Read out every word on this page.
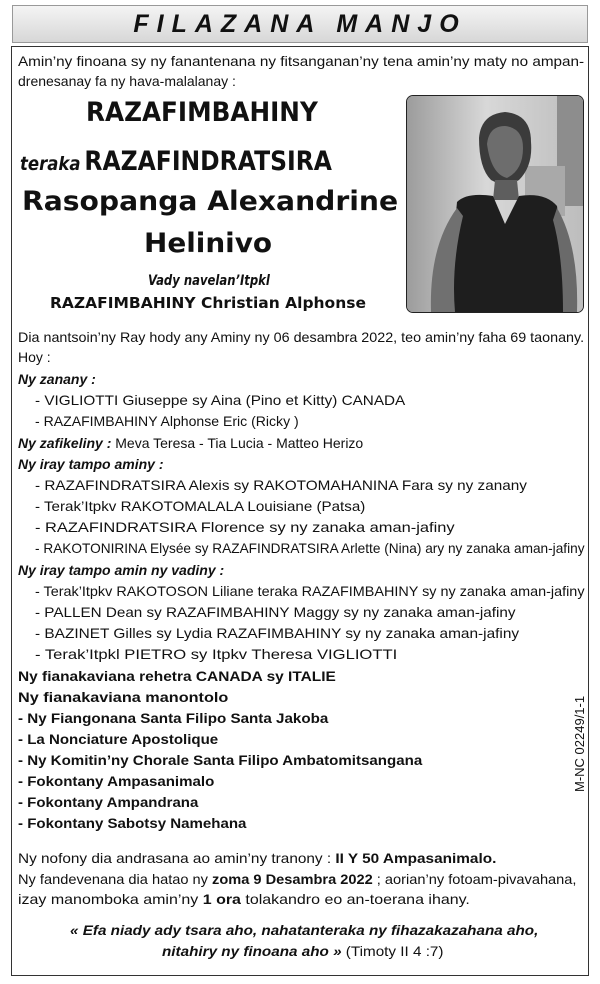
FILAZANA MANJO
Amin’ny finoana sy ny fanantenana ny fitsanganan’ny tena amin’ny maty no ampan-
drenesanay fa ny hava-malalanay :
RAZAFIMBAHINY
teraka RAZAFINDRATSIRA
Rasopanga Alexandrine
Helinivo
Vady navelan’Itpkl
RAZAFIMBAHINY Christian Alphonse
Dia nantsoin’ny Ray hody any Aminy ny 06 desambra 2022, teo amin’ny faha 69 taonany.
Hoy :
Ny zanany :
- VIGLIOTTI Giuseppe sy Aina (Pino et Kitty) CANADA
- RAZAFIMBAHINY Alphonse Eric (Ricky )
Ny zafikeliny : Meva Teresa - Tia Lucia - Matteo Herizo
Ny iray tampo aminy :
- RAZAFINDRATSIRA Alexis sy RAKOTOMAHANINA Fara sy ny zanany
- Terak’Itpkv RAKOTOMALALA Louisiane (Patsa)
- RAZAFINDRATSIRA Florence sy ny zanaka aman-jafiny
- RAKOTONIRINA Elysée sy RAZAFINDRATSIRA Arlette (Nina) ary ny zanaka aman-jafiny
Ny iray tampo amin ny vadiny :
- Terak’Itpkv RAKOTOSON Liliane teraka RAZAFIMBAHINY sy ny zanaka aman-jafiny
- PALLEN Dean sy RAZAFIMBAHINY Maggy sy ny zanaka aman-jafiny
- BAZINET Gilles sy Lydia RAZAFIMBAHINY sy ny zanaka aman-jafiny
- Terak’Itpkl PIETRO sy Itpkv Theresa VIGLIOTTI
Ny fianakaviana rehetra CANADA sy ITALIE
Ny fianakaviana manontolo
- Ny Fiangonana Santa Filipo Santa Jakoba
- La Nonciature Apostolique
- Ny Komitin’ny Chorale Santa Filipo Ambatomitsangana
- Fokontany Ampasanimalo
- Fokontany Ampandrana
- Fokontany Sabotsy Namehana
M-NC 02249/1-1
Ny nofony dia andrasana ao amin’ny tranony : II Y 50 Ampasanimalo.
Ny fandevenana dia hatao ny zoma 9 Desambra 2022 ; aorian’ny fotoam-pivavahana,
izay manomboka amin’ny 1 ora tolakandro eo an-toerana ihany.
« Efa niady ady tsara aho, nahatanteraka ny fihazakazahana aho,
nitahiry ny finoana aho » (Timoty II 4 :7)
